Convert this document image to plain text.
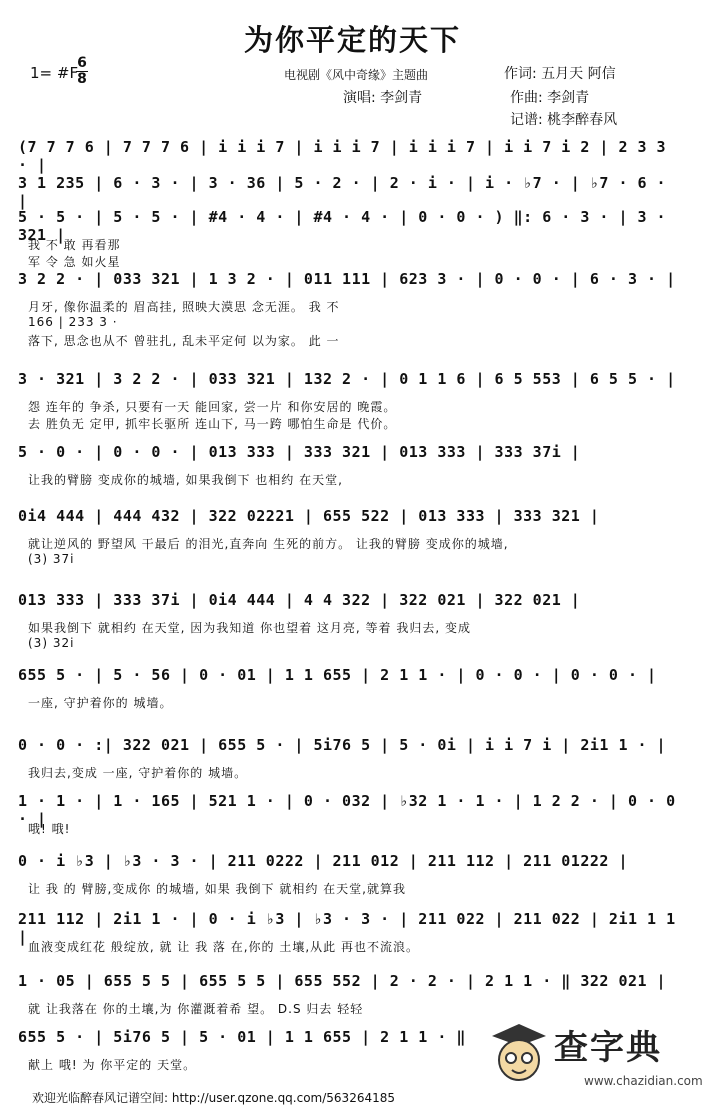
为你平定的天下
1= #F
6
8	电视剧《风中奇缘》主题曲	作词: 五月天 阿信
演唱: 李剑青	作曲: 李剑青
记谱: 桃李醉春风
(7 7 7 6 | 7 7 7 6 | i i i 7 | i i i 7 | i i i 7 | i i 7 i 2 | 2 3 3 · |
3 1 235 | 6 · 3 · | 3 · 36 | 5 · 2 · | 2 · i · | i · ♭7 · | ♭7 · 6 · |
5 · 5 · | 5 · 5 · | #4 · 4 · | #4 · 4 · | 0 · 0 · ) ‖: 6 · 3 · | 3 · 321 |
我 不 敢 再看那
军 令 急 如火星
3 2 2 · | 033 321 | 1 3 2 · | 011 111 | 623 3 · | 0 · 0 · | 6 · 3 · |
月牙, 像你温柔的 眉高挂, 照映大漠思 念无涯。 我 不
166 | 233 3 ·
落下, 思念也从不 曾驻扎, 乱未平定何 以为家。 此 一
3 · 321 | 3 2 2 · | 033 321 | 132 2 · | 0 1 1 6 | 6 5 553 | 6 5 5 · |
怨 连年的 争杀, 只要有一天 能回家, 尝一片 和你安居的 晚霞。
去 胜负无 定甲, 抓牢长驱所 连山下, 马一跨 哪怕生命是 代价。
5 · 0 · | 0 · 0 · | 013 333 | 333 321 | 013 333 | 333 37i |
让我的臂膀 变成你的城墙, 如果我倒下 也相约 在天堂,
0i4 444 | 444 432 | 322 02221 | 655 522 | 013 333 | 333 321 |
就让逆风的 野望风 干最后 的泪光,直奔向 生死的前方。 让我的臂膀 变成你的城墙,
(3) 37i
013 333 | 333 37i | 0i4 444 | 4 4 322 | 322 021 | 322 021 |
如果我倒下 就相约 在天堂, 因为我知道 你也望着 这月亮, 等着 我归去, 变成
(3) 32i
655 5 · | 5 · 56 | 0 · 01 | 1 1 655 | 2 1 1 · | 0 · 0 · | 0 · 0 · |
一座, 守护着你的 城墙。
0 · 0 · :| 322 021 | 655 5 · | 5i76 5 | 5 · 0i | i i 7 i | 2i1 1 · |
我归去,变成 一座, 守护着你的 城墙。
1 · 1 · | 1 · 165 | 521 1 · | 0 · 032 | ♭32 1 · 1 · | 1 2 2 · | 0 · 0 · |
哦! 哦!
0 · i ♭3 | ♭3 · 3 · | 211 0222 | 211 012 | 211 112 | 211 01222 |
让 我 的 臂膀,变成你 的城墙, 如果 我倒下 就相约 在天堂,就算我
211 112 | 2i1 1 · | 0 · i ♭3 | ♭3 · 3 · | 211 022 | 211 022 | 2i1 1 1 |
血液变成红花 般绽放, 就 让 我 落 在,你的 土壤,从此 再也不流浪。
1 · 05 | 655 5 5 | 655 5 5 | 655 552 | 2 · 2 · | 2 1 1 · ‖ 322 021 |
就 让我落在 你的土壤,为 你灌溉着希 望。 D.S 归去 轻轻
655 5 · | 5i76 5 | 5 · 01 | 1 1 655 | 2 1 1 · ‖
献上 哦! 为 你平定的 天堂。
欢迎光临醉春风记谱空间: http://user.qzone.qq.com/563264185
查字典
www.chazidian.com
